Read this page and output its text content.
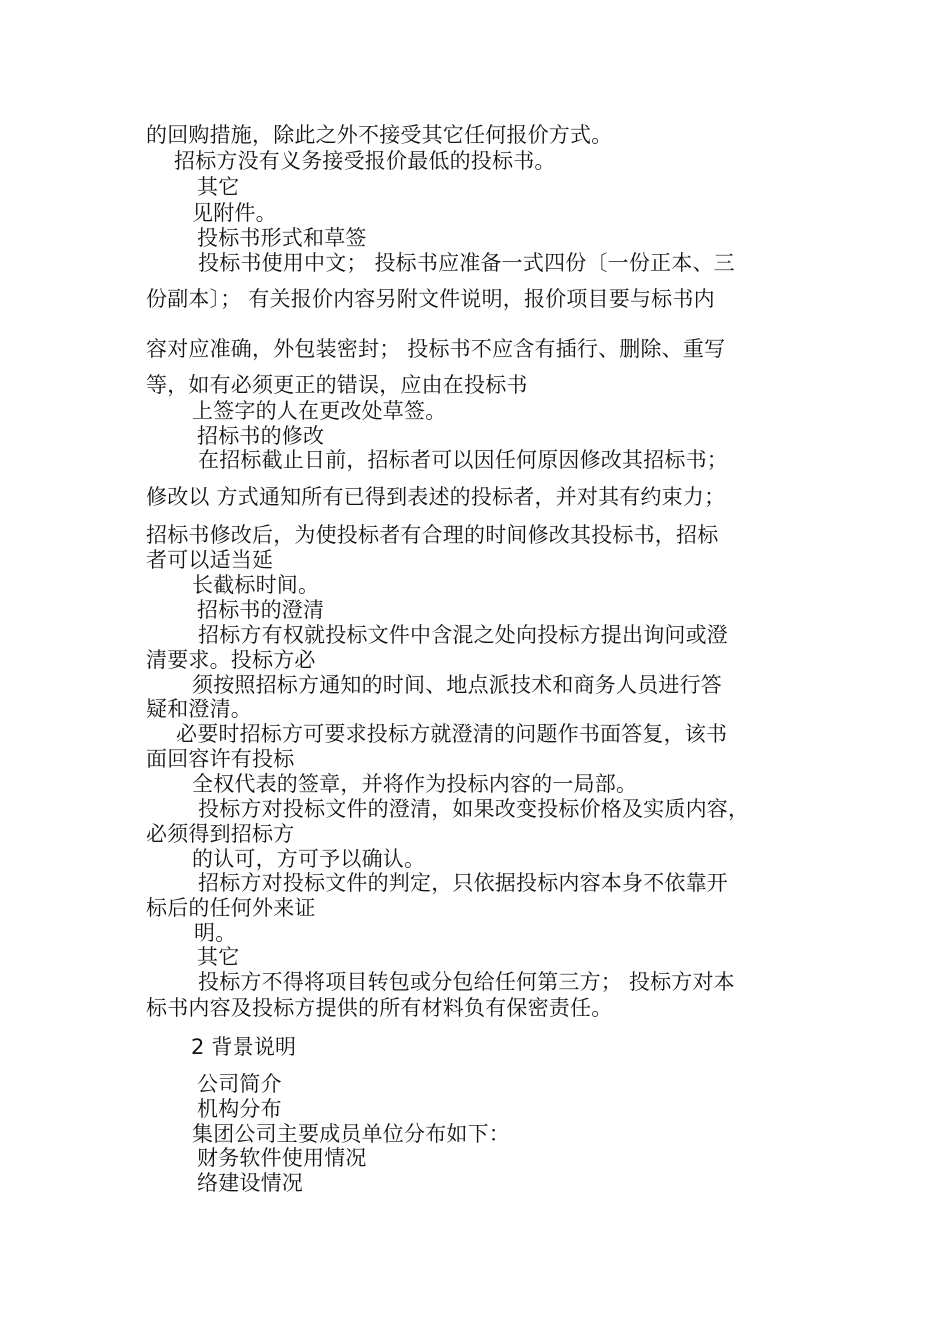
的回购措施，除此之外不接受其它任何报价方式。
招标方没有义务接受报价最低的投标书。
其它
见附件。
投标书形式和草签
投标书使用中文； 投标书应准备一式四份〔一份正本、三
份副本〕； 有关报价内容另附文件说明，报价项目要与标书内
容对应准确，外包装密封； 投标书不应含有插行、删除、重写
等，如有必须更正的错误，应由在投标书
上签字的人在更改处草签。
招标书的修改
在招标截止日前，招标者可以因任何原因修改其招标书；
修改以 方式通知所有已得到表述的投标者，并对其有约束力；
招标书修改后，为使投标者有合理的时间修改其投标书，招标
者可以适当延
长截标时间。
招标书的澄清
招标方有权就投标文件中含混之处向投标方提出询问或澄
清要求。投标方必
须按照招标方通知的时间、地点派技术和商务人员进行答
疑和澄清。
必要时招标方可要求投标方就澄清的问题作书面答复，该书
面回容许有投标
全权代表的签章，并将作为投标内容的一局部。
投标方对投标文件的澄清，如果改变投标价格及实质内容，
必须得到招标方
的认可，方可予以确认。
招标方对投标文件的判定，只依据投标内容本身不依靠开
标后的任何外来证
明。
其它
投标方不得将项目转包或分包给任何第三方； 投标方对本
标书内容及投标方提供的所有材料负有保密责任。
2 背景说明
公司简介
机构分布
集团公司主要成员单位分布如下：
财务软件使用情况
络建设情况
